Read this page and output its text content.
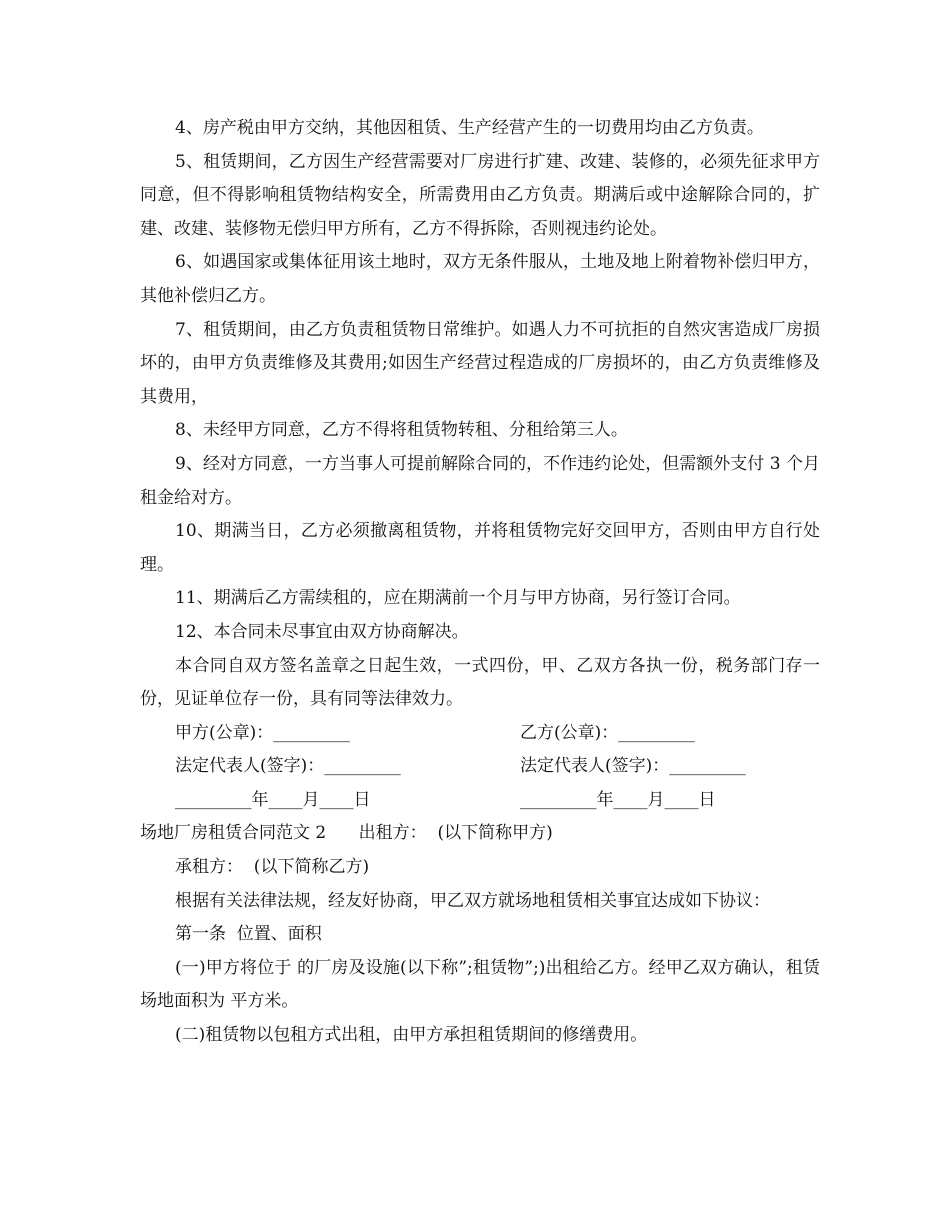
4、房产税由甲方交纳，其他因租赁、生产经营产生的一切费用均由乙方负责。

5、租赁期间，乙方因生产经营需要对厂房进行扩建、改建、装修的，必须先征求甲方同意，但不得影响租赁物结构安全，所需费用由乙方负责。期满后或中途解除合同的，扩建、改建、装修物无偿归甲方所有，乙方不得拆除，否则视违约论处。

6、如遇国家或集体征用该土地时，双方无条件服从，土地及地上附着物补偿归甲方，其他补偿归乙方。

7、租赁期间，由乙方负责租赁物日常维护。如遇人力不可抗拒的自然灾害造成厂房损坏的，由甲方负责维修及其费用;如因生产经营过程造成的厂房损坏的，由乙方负责维修及其费用，

8、未经甲方同意，乙方不得将租赁物转租、分租给第三人。

9、经对方同意，一方当事人可提前解除合同的，不作违约论处，但需额外支付 3 个月租金给对方。

10、期满当日，乙方必须撤离租赁物，并将租赁物完好交回甲方，否则由甲方自行处理。

11、期满后乙方需续租的，应在期满前一个月与甲方协商，另行签订合同。

12、本合同未尽事宜由双方协商解决。

本合同自双方签名盖章之日起生效，一式四份，甲、乙双方各执一份，税务部门存一份，见证单位存一份，具有同等法律效力。

甲方(公章)：_________	乙方(公章)：_________
法定代表人(签字)：_________	法定代表人(签字)：_________
_________年____月____日	_________年____月____日

场地厂房租赁合同范文 2      出租方：  (以下简称甲方)

承租方：  (以下简称乙方)

根据有关法律法规，经友好协商，甲乙双方就场地租赁相关事宜达成如下协议：

第一条  位置、面积

(一)甲方将位于 的厂房及设施(以下称”;租赁物”;)出租给乙方。经甲乙双方确认，租赁场地面积为 平方米。

(二)租赁物以包租方式出租，由甲方承担租赁期间的修缮费用。
